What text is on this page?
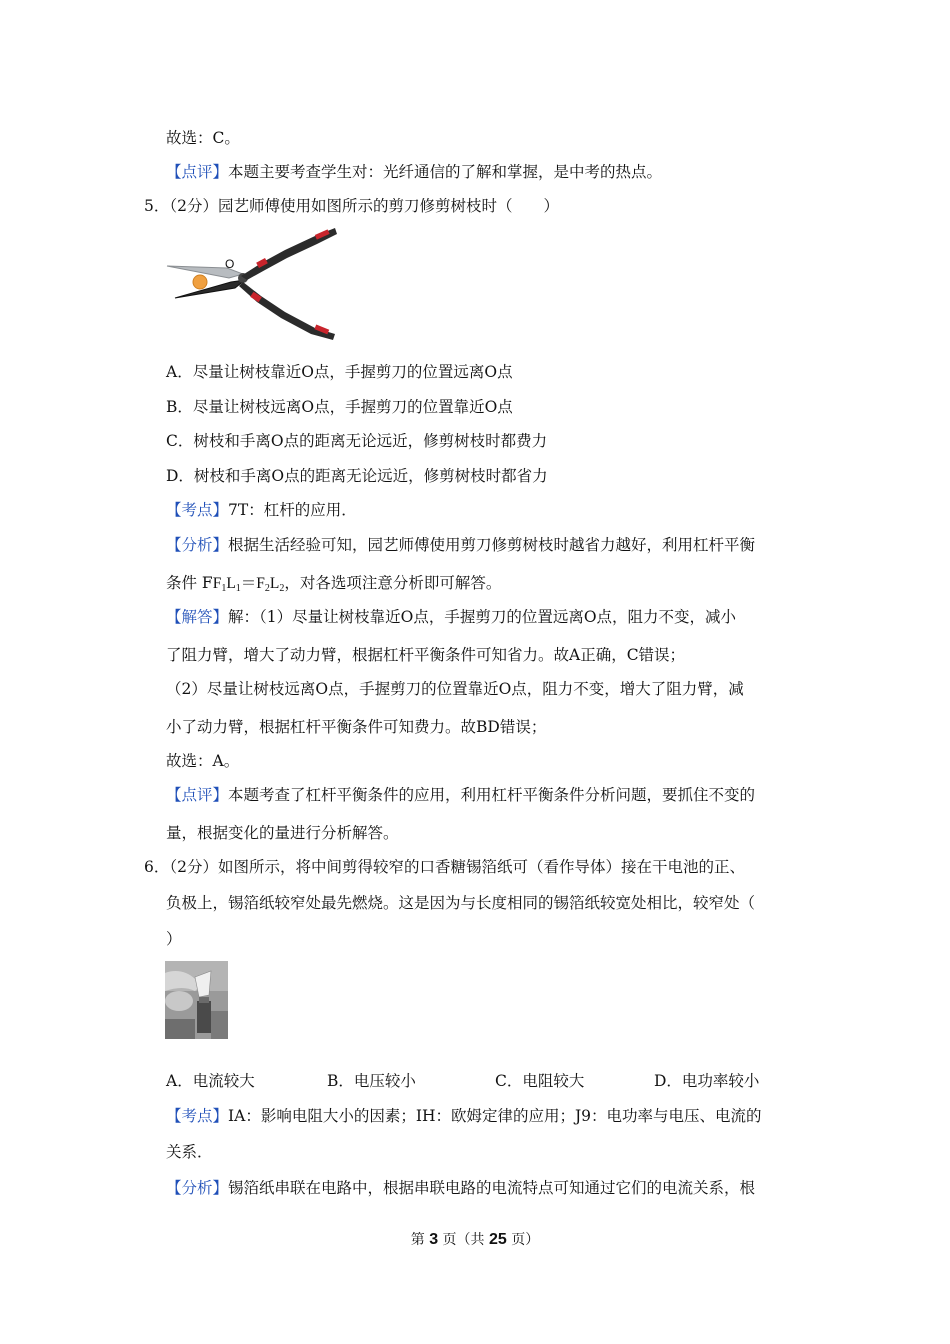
故选：C。
【点评】本题主要考查学生对：光纤通信的了解和掌握，是中考的热点。
5．（2分）园艺师傅使用如图所示的剪刀修剪树枝时（　　）
O
A．尽量让树枝靠近O点，手握剪刀的位置远离O点
B．尽量让树枝远离O点，手握剪刀的位置靠近O点
C．树枝和手离O点的距离无论远近，修剪树枝时都费力
D．树枝和手离O点的距离无论远近，修剪树枝时都省力
【考点】7T：杠杆的应用．
【分析】根据生活经验可知，园艺师傅使用剪刀修剪树枝时越省力越好，利用杠杆平衡
条件 $FF_1L_1=F_2L_2$，对各选项注意分析即可解答。
【解答】解：（1）尽量让树枝靠近O点，手握剪刀的位置远离O点，阻力不变，减小
了阻力臂，增大了动力臂，根据杠杆平衡条件可知省力。故A正确，C错误；
（2）尽量让树枝远离O点，手握剪刀的位置靠近O点，阻力不变，增大了阻力臂，减
小了动力臂，根据杠杆平衡条件可知费力。故BD错误；
故选：A。
【点评】本题考查了杠杆平衡条件的应用，利用杠杆平衡条件分析问题，要抓住不变的
量，根据变化的量进行分析解答。
6．（2分）如图所示，将中间剪得较窄的口香糖锡箔纸可（看作导体）接在干电池的正、
负极上，锡箔纸较窄处最先燃烧。这是因为与长度相同的锡箔纸较宽处相比，较窄处（
）
A．电流较大	B．电压较小	C．电阻较大	D．电功率较小
【考点】IA：影响电阻大小的因素；IH：欧姆定律的应用；J9：电功率与电压、电流的
关系．
【分析】锡箔纸串联在电路中，根据串联电路的电流特点可知通过它们的电流关系，根
第 3 页（共 25 页）
